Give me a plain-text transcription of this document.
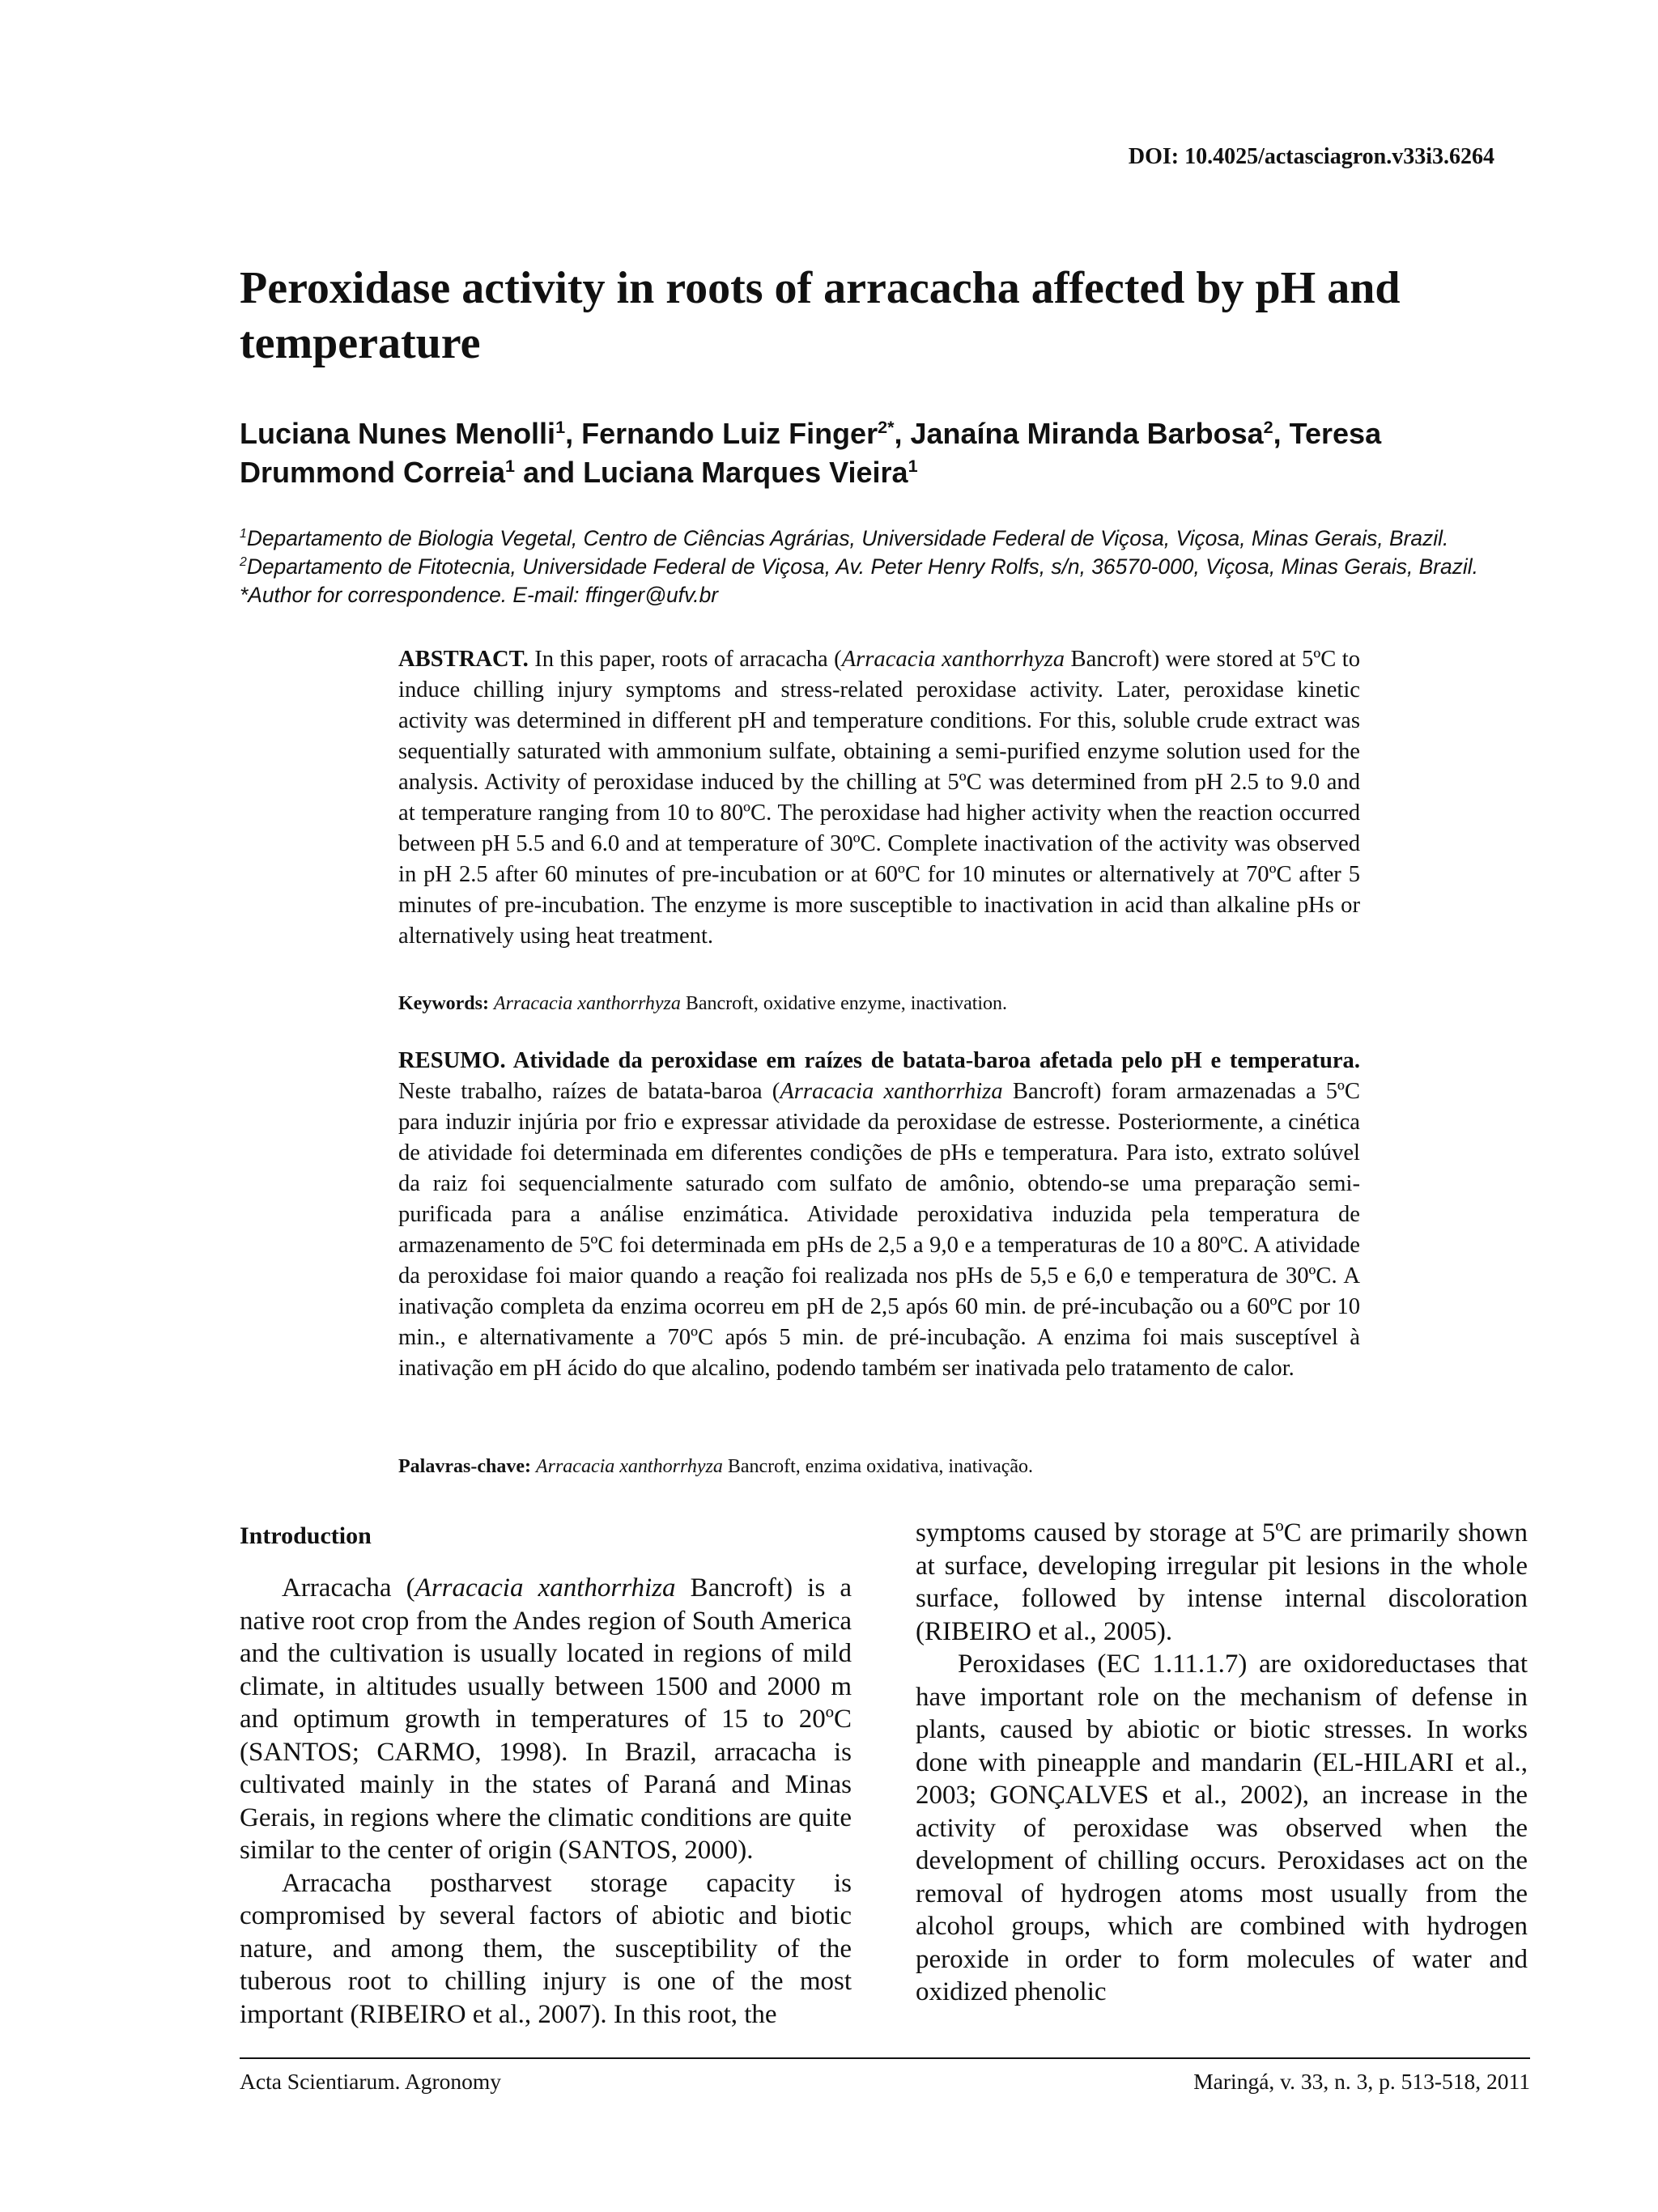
DOI: 10.4025/actasciagron.v33i3.6264
Peroxidase activity in roots of arracacha affected by pH and temperature

Luciana Nunes Menolli$^1$, Fernando Luiz Finger$^{2*}$, Janaína Miranda Barbosa$^2$, Teresa Drummond Correia$^1$ and Luciana Marques Vieira$^1$

$^1$Departamento de Biologia Vegetal, Centro de Ciências Agrárias, Universidade Federal de Viçosa, Viçosa, Minas Gerais, Brazil. $^2$Departamento de Fitotecnia, Universidade Federal de Viçosa, Av. Peter Henry Rolfs, s/n, 36570-000, Viçosa, Minas Gerais, Brazil. *Author for correspondence. E-mail: ffinger@ufv.br

ABSTRACT. In this paper, roots of arracacha (Arracacia xanthorrhyza Bancroft) were stored at 5ºC to induce chilling injury symptoms and stress-related peroxidase activity. Later, peroxidase kinetic activity was determined in different pH and temperature conditions. For this, soluble crude extract was sequentially saturated with ammonium sulfate, obtaining a semi-purified enzyme solution used for the analysis. Activity of peroxidase induced by the chilling at 5ºC was determined from pH 2.5 to 9.0 and at temperature ranging from 10 to 80ºC. The peroxidase had higher activity when the reaction occurred between pH 5.5 and 6.0 and at temperature of 30ºC. Complete inactivation of the activity was observed in pH 2.5 after 60 minutes of pre-incubation or at 60ºC for 10 minutes or alternatively at 70ºC after 5 minutes of pre-incubation. The enzyme is more susceptible to inactivation in acid than alkaline pHs or alternatively using heat treatment.

Keywords: Arracacia xanthorrhyza Bancroft, oxidative enzyme, inactivation.

RESUMO. Atividade da peroxidase em raízes de batata-baroa afetada pelo pH e temperatura. Neste trabalho, raízes de batata-baroa (Arracacia xanthorrhiza Bancroft) foram armazenadas a 5ºC para induzir injúria por frio e expressar atividade da peroxidase de estresse. Posteriormente, a cinética de atividade foi determinada em diferentes condições de pHs e temperatura. Para isto, extrato solúvel da raiz foi sequencialmente saturado com sulfato de amônio, obtendo-se uma preparação semi-purificada para a análise enzimática. Atividade peroxidativa induzida pela temperatura de armazenamento de 5ºC foi determinada em pHs de 2,5 a 9,0 e a temperaturas de 10 a 80ºC. A atividade da peroxidase foi maior quando a reação foi realizada nos pHs de 5,5 e 6,0 e temperatura de 30ºC. A inativação completa da enzima ocorreu em pH de 2,5 após 60 min. de pré-incubação ou a 60ºC por 10 min., e alternativamente a 70ºC após 5 min. de pré-incubação. A enzima foi mais susceptível à inativação em pH ácido do que alcalino, podendo também ser inativada pelo tratamento de calor.

Palavras-chave: Arracacia xanthorrhyza Bancroft, enzima oxidativa, inativação.

Introduction

Arracacha (Arracacia xanthorrhiza Bancroft) is a native root crop from the Andes region of South America and the cultivation is usually located in regions of mild climate, in altitudes usually between 1500 and 2000 m and optimum growth in temperatures of 15 to 20ºC (SANTOS; CARMO, 1998). In Brazil, arracacha is cultivated mainly in the states of Paraná and Minas Gerais, in regions where the climatic conditions are quite similar to the center of origin (SANTOS, 2000).

Arracacha postharvest storage capacity is compromised by several factors of abiotic and biotic nature, and among them, the susceptibility of the tuberous root to chilling injury is one of the most important (RIBEIRO et al., 2007). In this root, the

symptoms caused by storage at 5ºC are primarily shown at surface, developing irregular pit lesions in the whole surface, followed by intense internal discoloration (RIBEIRO et al., 2005).

Peroxidases (EC 1.11.1.7) are oxidoreductases that have important role on the mechanism of defense in plants, caused by abiotic or biotic stresses. In works done with pineapple and mandarin (EL-HILARI et al., 2003; GONÇALVES et al., 2002), an increase in the activity of peroxidase was observed when the development of chilling occurs. Peroxidases act on the removal of hydrogen atoms most usually from the alcohol groups, which are combined with hydrogen peroxide in order to form molecules of water and oxidized phenolic

Acta Scientiarum. Agronomy	Maringá, v. 33, n. 3, p. 513-518, 2011
